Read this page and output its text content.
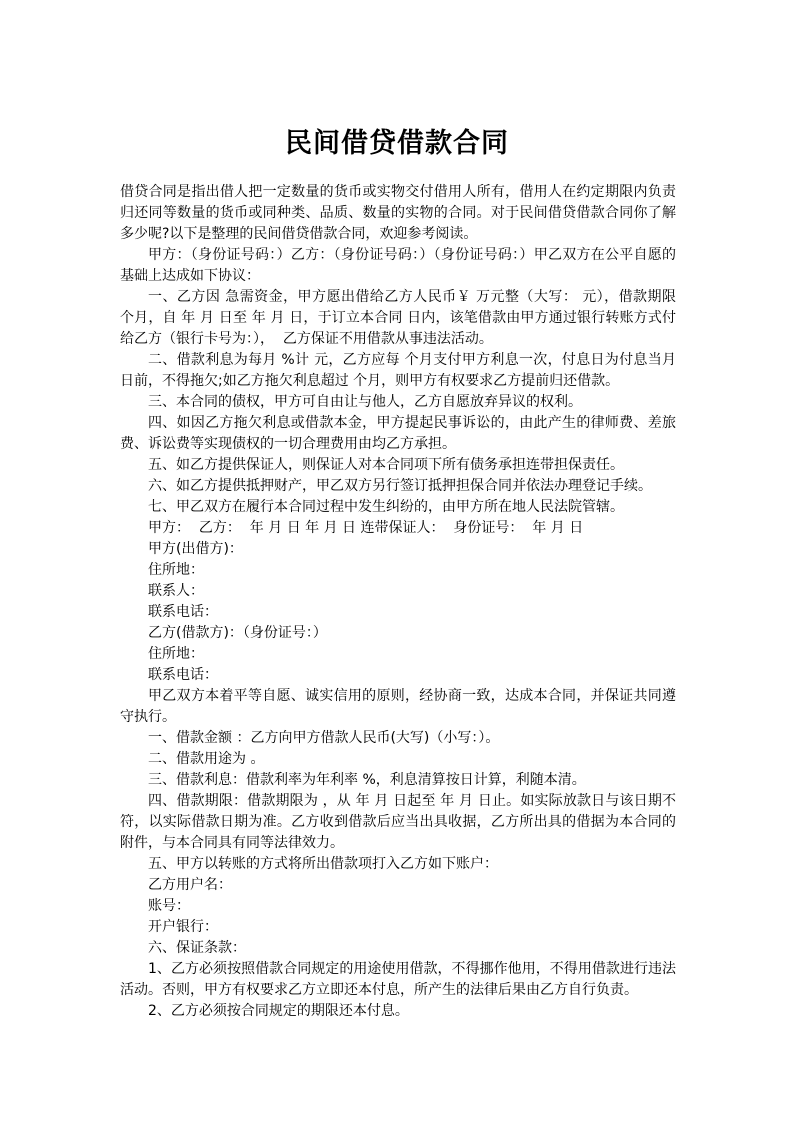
民间借贷借款合同

借贷合同是指出借人把一定数量的货币或实物交付借用人所有，借用人在约定期限内负责归还同等数量的货币或同种类、品质、数量的实物的合同。对于民间借贷借款合同你了解多少呢?以下是整理的民间借贷借款合同，欢迎参考阅读。

甲方：（身份证号码：）乙方：（身份证号码：）（身份证号码：）甲乙双方在公平自愿的基础上达成如下协议：

一、乙方因 急需资金，甲方愿出借给乙方人民币￥ 万元整（大写： 元），借款期限 个月，自 年 月 日至 年 月 日，于订立本合同 日内，该笔借款由甲方通过银行转账方式付给乙方（银行卡号为：），  乙方保证不用借款从事违法活动。

二、借款利息为每月 %计 元，乙方应每 个月支付甲方利息一次，付息日为付息当月 日前，不得拖欠;如乙方拖欠利息超过 个月，则甲方有权要求乙方提前归还借款。

三、本合同的债权，甲方可自由让与他人，乙方自愿放弃异议的权利。

四、如因乙方拖欠利息或借款本金，甲方提起民事诉讼的，由此产生的律师费、差旅费、诉讼费等实现债权的一切合理费用由均乙方承担。

五、如乙方提供保证人，则保证人对本合同项下所有债务承担连带担保责任。

六、如乙方提供抵押财产，甲乙双方另行签订抵押担保合同并依法办理登记手续。

七、甲乙双方在履行本合同过程中发生纠纷的，由甲方所在地人民法院管辖。

甲方：  乙方：  年 月 日 年 月 日 连带保证人：  身份证号：  年 月 日

甲方(出借方)：

住所地：

联系人：

联系电话：

乙方(借款方)：（身份证号：）

住所地：

联系电话：

甲乙双方本着平等自愿、诚实信用的原则，经协商一致，达成本合同，并保证共同遵守执行。

一、借款金额 ：乙方向甲方借款人民币(大写)（小写：）。

二、借款用途为 。

三、借款利息：借款利率为年利率 %，利息清算按日计算，利随本清。

四、借款期限：借款期限为 ，从 年 月 日起至 年 月 日止。如实际放款日与该日期不符，以实际借款日期为准。乙方收到借款后应当出具收据，乙方所出具的借据为本合同的附件，与本合同具有同等法律效力。

五、甲方以转账的方式将所出借款项打入乙方如下账户：

乙方用户名：

账号：

开户银行：

六、保证条款：

1、乙方必须按照借款合同规定的用途使用借款，不得挪作他用，不得用借款进行违法活动。否则，甲方有权要求乙方立即还本付息，所产生的法律后果由乙方自行负责。

2、乙方必须按合同规定的期限还本付息。
